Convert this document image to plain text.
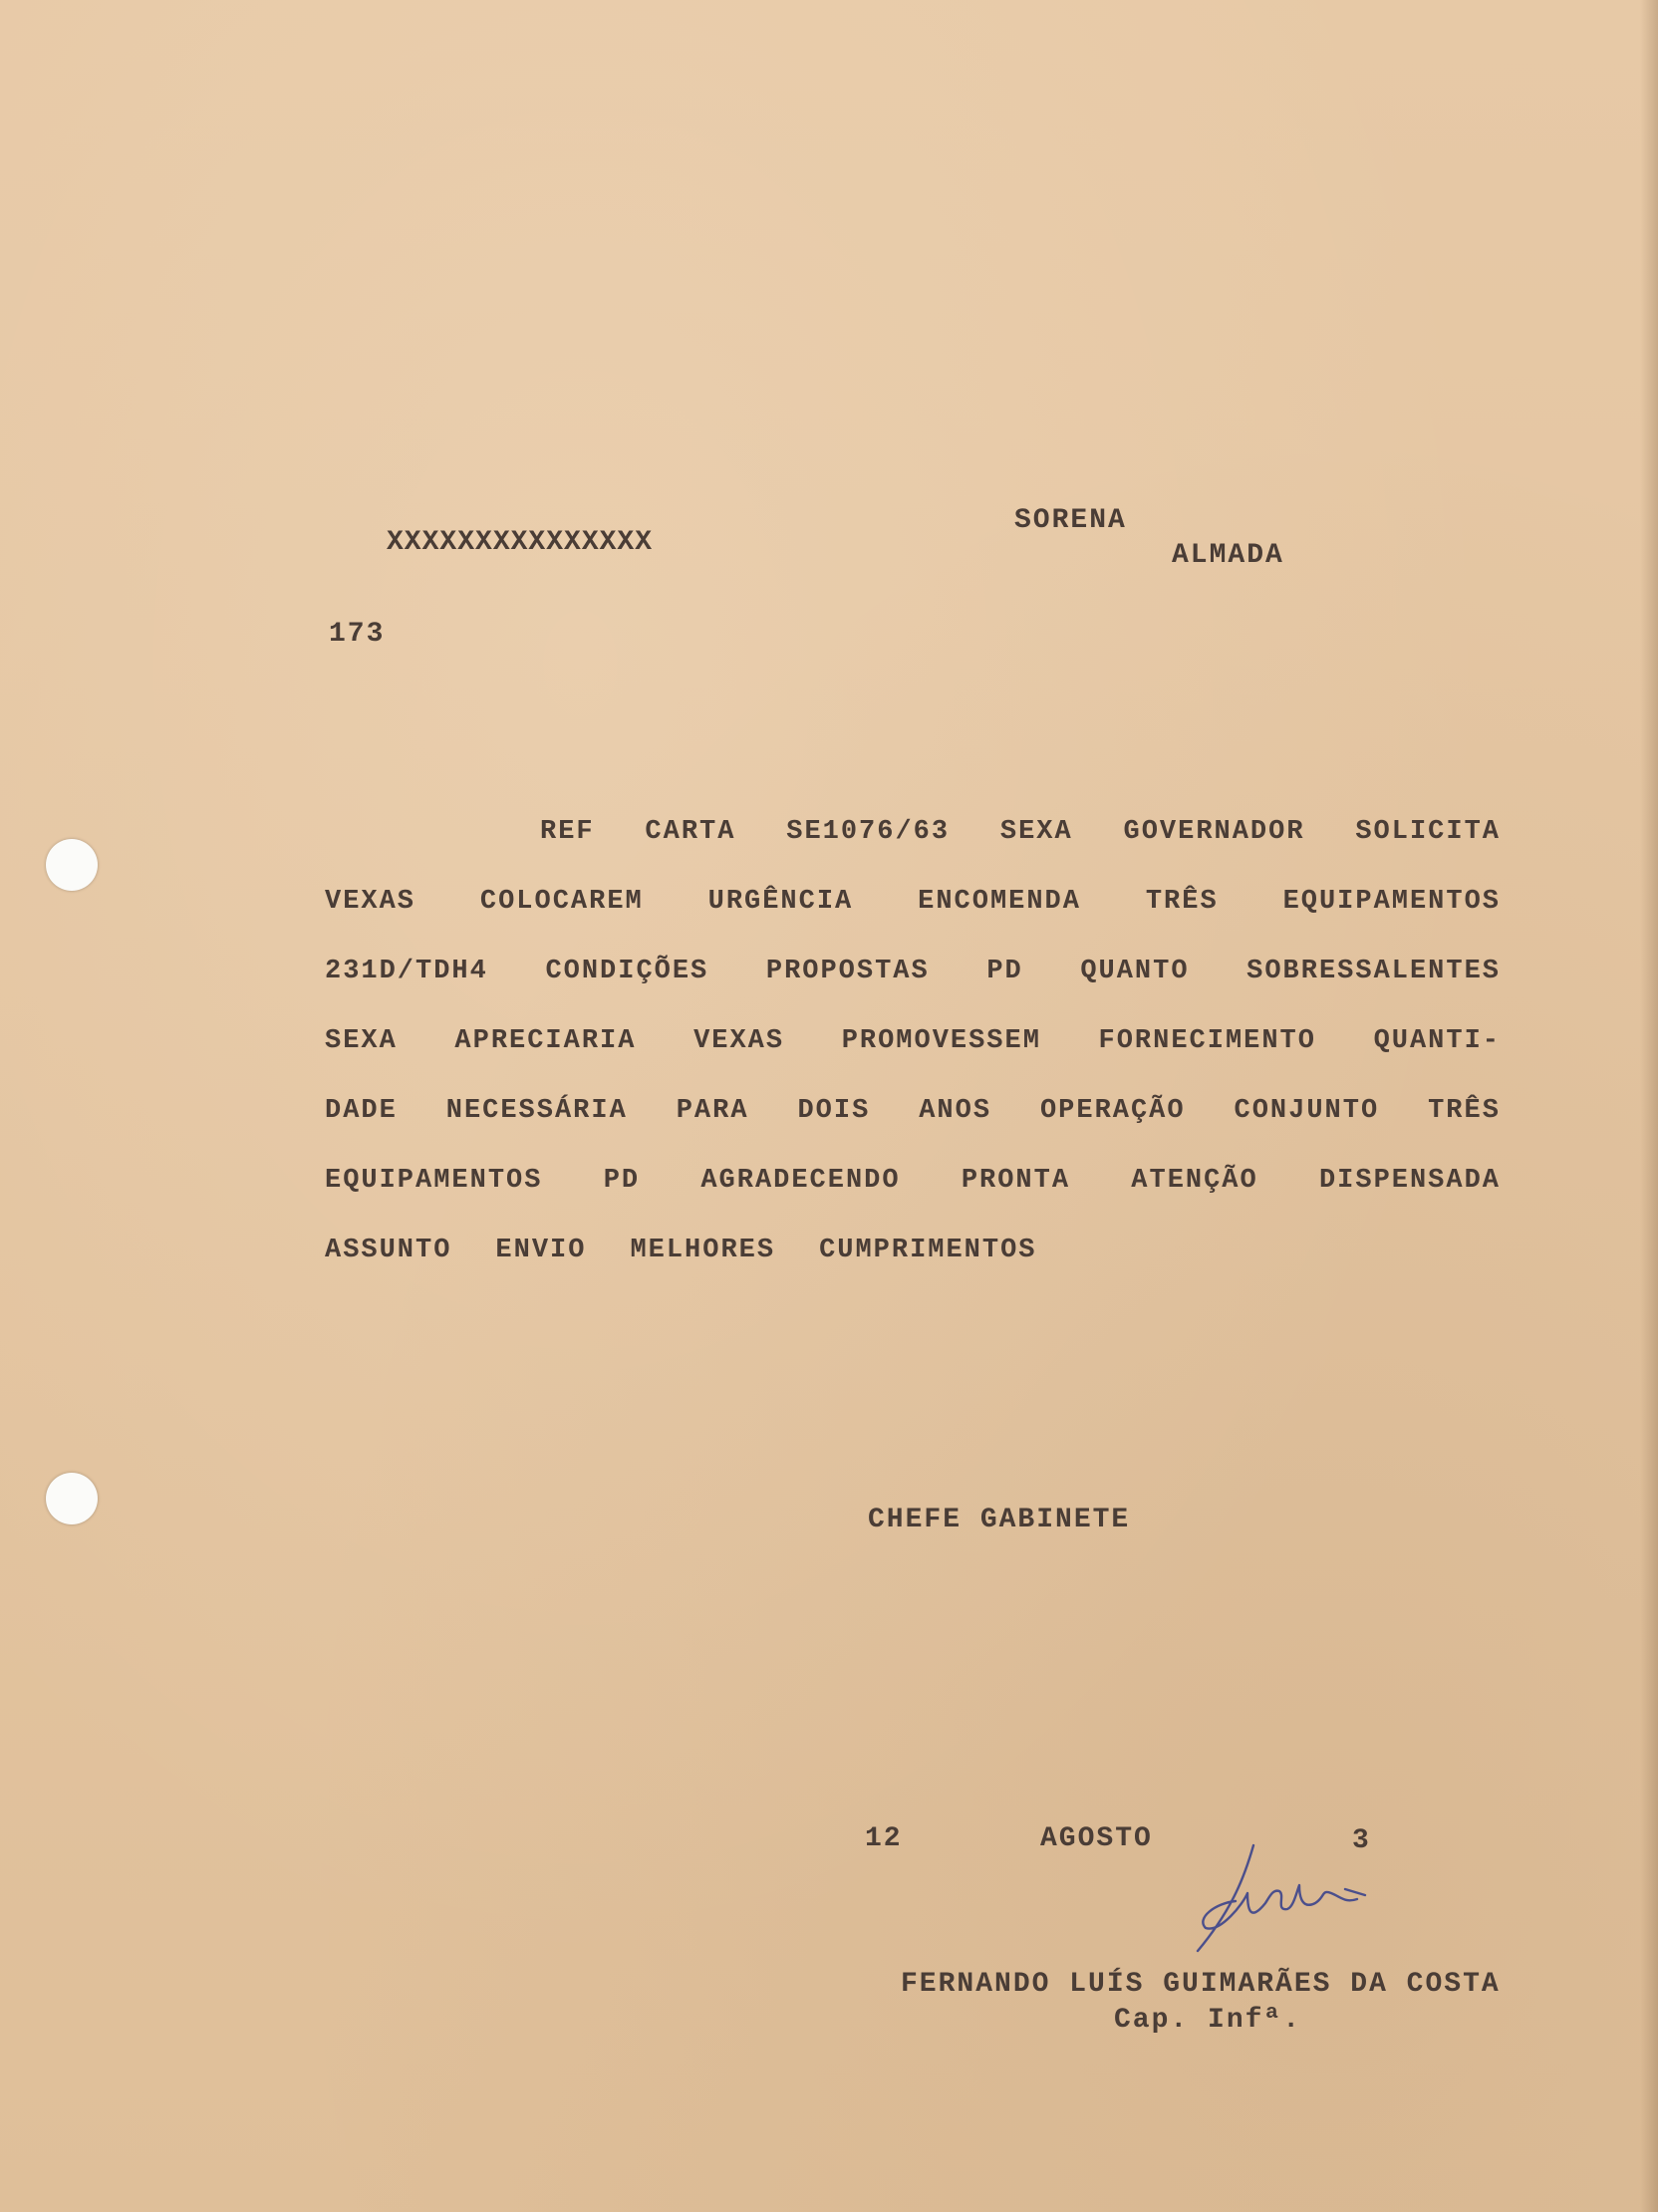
XXXXXXXXXXXXXXX
SORENA
ALMADA
173
REF CARTA SE1076/63 SEXA GOVERNADOR SOLICITA
VEXAS COLOCAREM URGÊNCIA ENCOMENDA TRÊS EQUIPAMENTOS
231D/TDH4 CONDIÇÕES PROPOSTAS PD QUANTO SOBRESSALENTES
SEXA APRECIARIA VEXAS PROMOVESSEM FORNECIMENTO QUANTI-
DADE NECESSÁRIA PARA DOIS ANOS OPERAÇÃO CONJUNTO TRÊS
EQUIPAMENTOS PD AGRADECENDO PRONTA ATENÇÃO DISPENSADA
ASSUNTO ENVIO MELHORES CUMPRIMENTOS
CHEFE GABINETE
12	AGOSTO	3
FERNANDO LUÍS GUIMARÃES DA COSTA
Cap. Infª.
